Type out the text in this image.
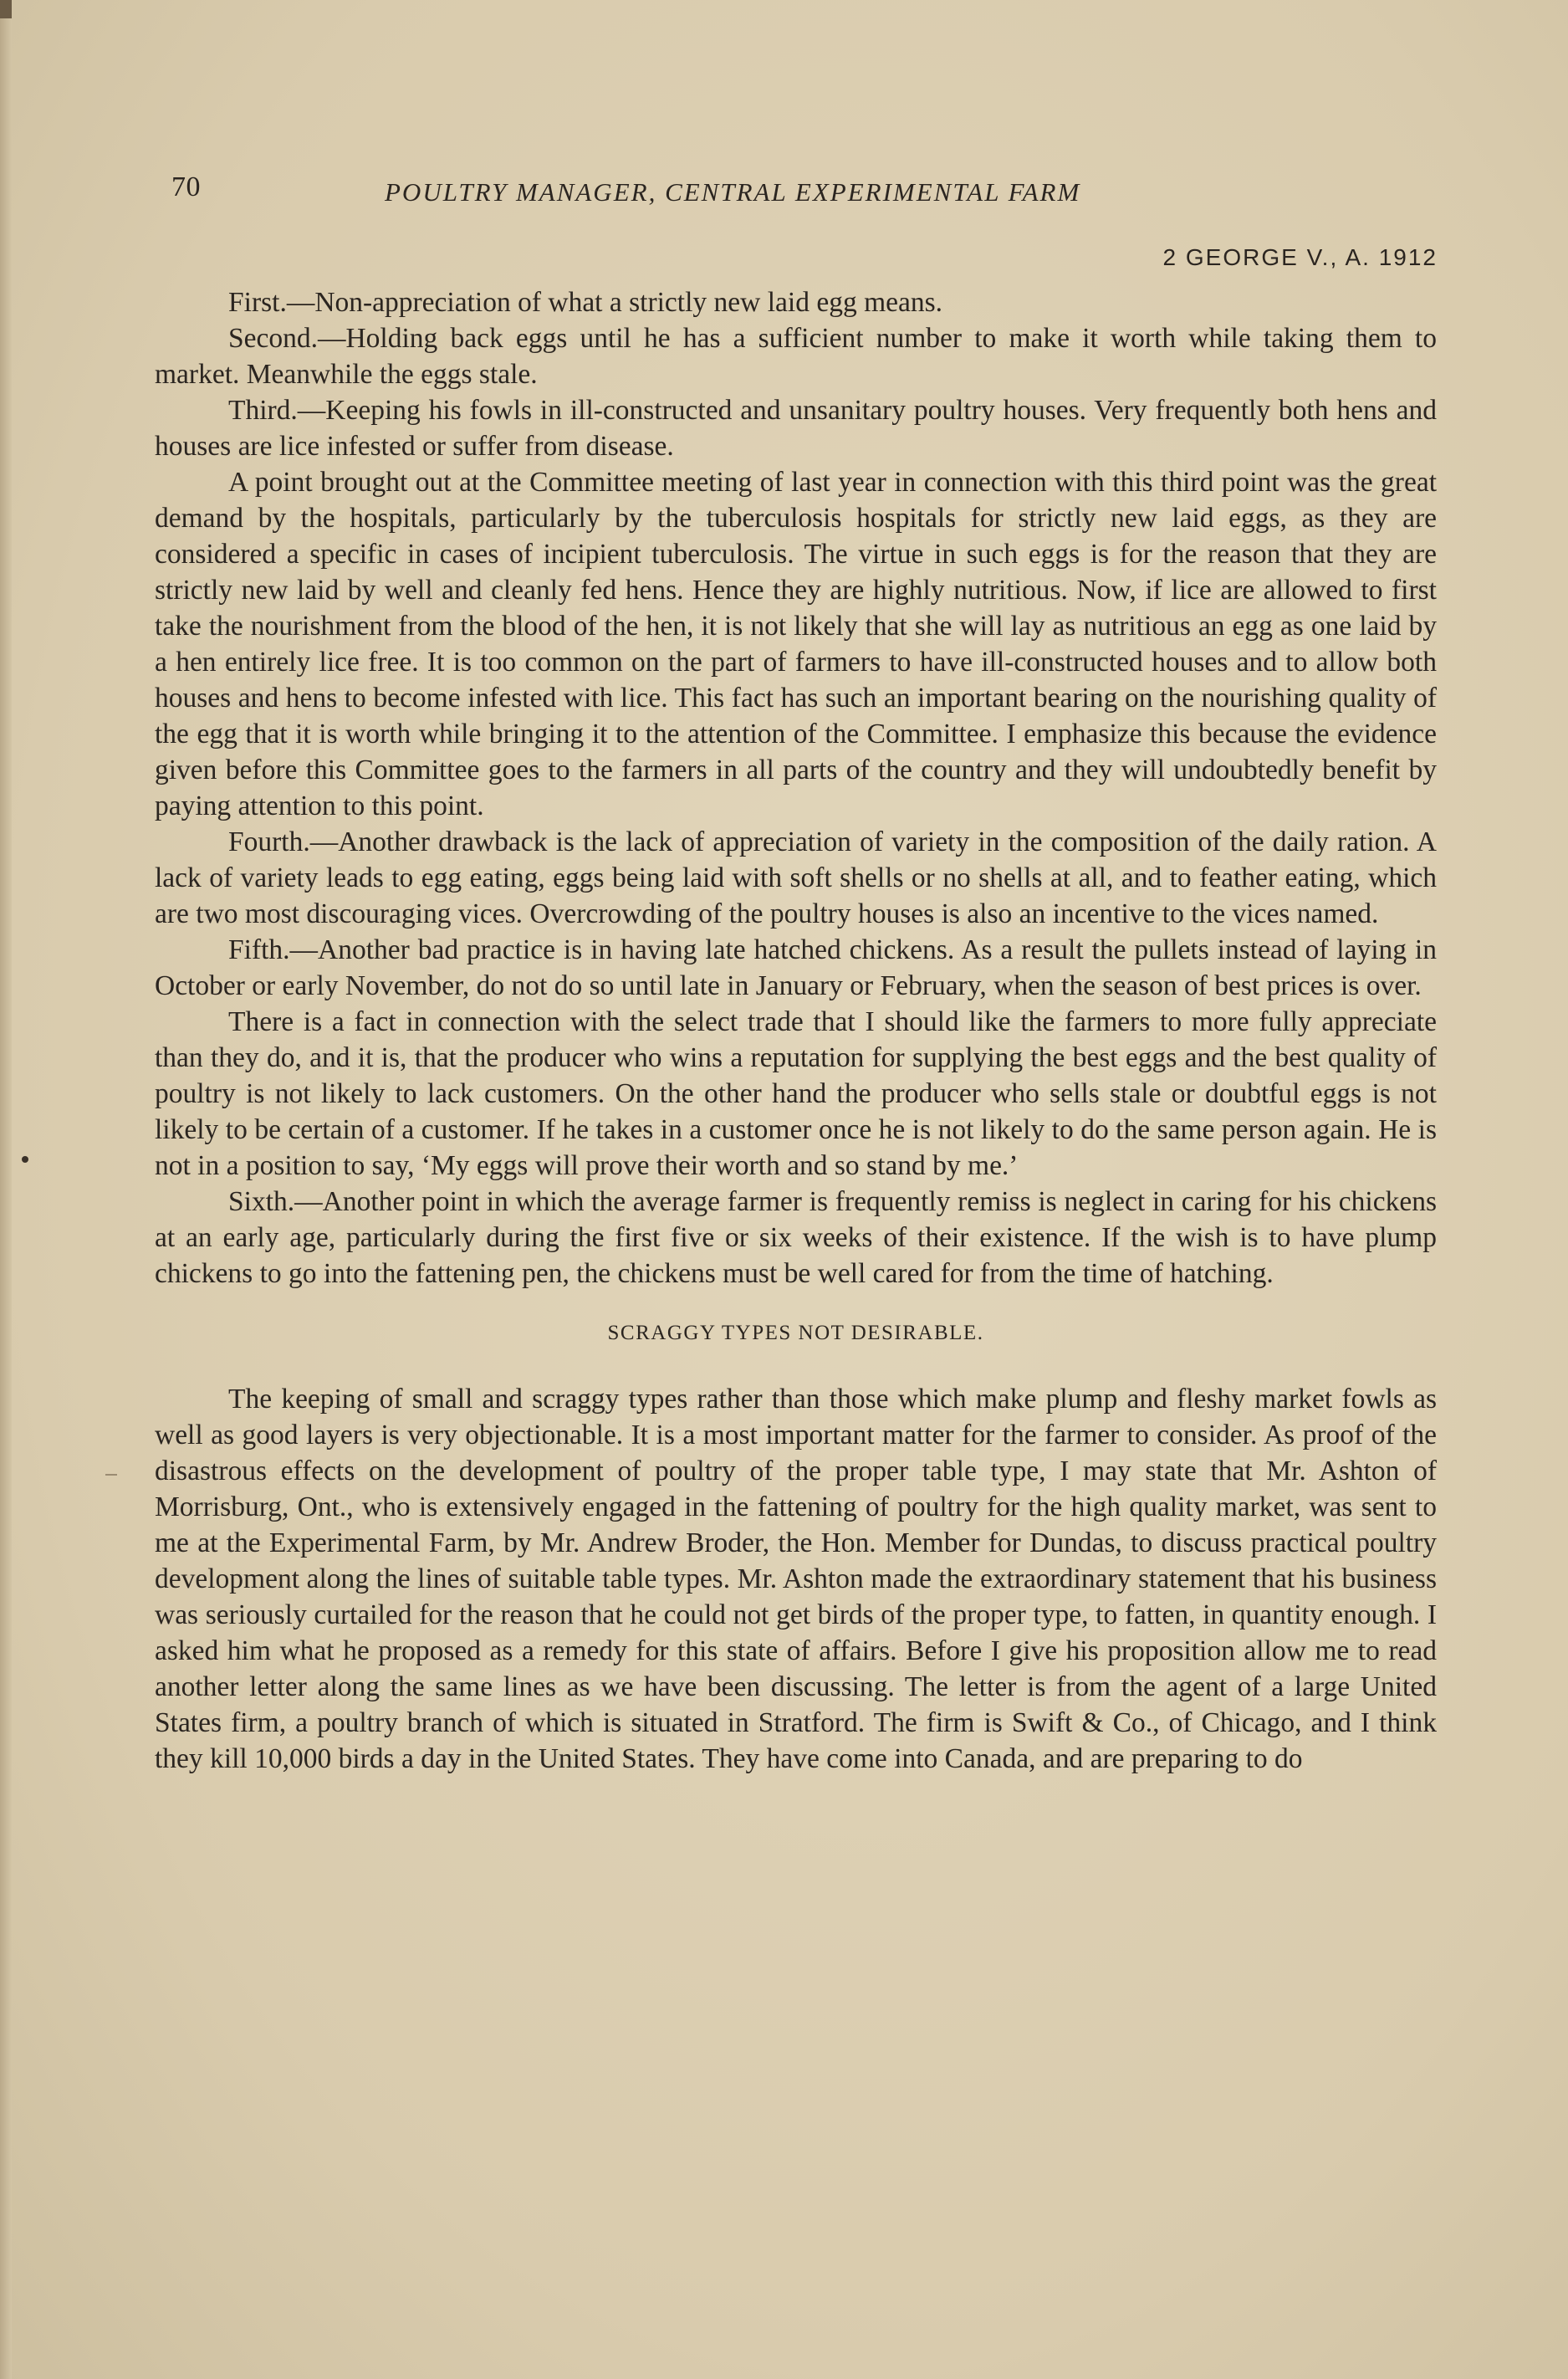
70	POULTRY MANAGER, CENTRAL EXPERIMENTAL FARM
2 GEORGE V., A. 1912

First.—Non-appreciation of what a strictly new laid egg means.

Second.—Holding back eggs until he has a sufficient number to make it worth while taking them to market. Meanwhile the eggs stale.

Third.—Keeping his fowls in ill-constructed and unsanitary poultry houses. Very frequently both hens and houses are lice infested or suffer from disease.

A point brought out at the Committee meeting of last year in connection with this third point was the great demand by the hospitals, particularly by the tuberculosis hospitals for strictly new laid eggs, as they are considered a specific in cases of incipient tuberculosis. The virtue in such eggs is for the reason that they are strictly new laid by well and cleanly fed hens. Hence they are highly nutritious. Now, if lice are allowed to first take the nourishment from the blood of the hen, it is not likely that she will lay as nutritious an egg as one laid by a hen entirely lice free. It is too common on the part of farmers to have ill-constructed houses and to allow both houses and hens to become infested with lice. This fact has such an important bearing on the nourishing quality of the egg that it is worth while bringing it to the attention of the Committee. I emphasize this because the evidence given before this Committee goes to the farmers in all parts of the country and they will undoubtedly benefit by paying attention to this point.

Fourth.—Another drawback is the lack of appreciation of variety in the composition of the daily ration. A lack of variety leads to egg eating, eggs being laid with soft shells or no shells at all, and to feather eating, which are two most discouraging vices. Overcrowding of the poultry houses is also an incentive to the vices named.

Fifth.—Another bad practice is in having late hatched chickens. As a result the pullets instead of laying in October or early November, do not do so until late in January or February, when the season of best prices is over.

There is a fact in connection with the select trade that I should like the farmers to more fully appreciate than they do, and it is, that the producer who wins a reputation for supplying the best eggs and the best quality of poultry is not likely to lack customers. On the other hand the producer who sells stale or doubtful eggs is not likely to be certain of a customer. If he takes in a customer once he is not likely to do the same person again. He is not in a position to say, ‘My eggs will prove their worth and so stand by me.’

Sixth.—Another point in which the average farmer is frequently remiss is neglect in caring for his chickens at an early age, particularly during the first five or six weeks of their existence. If the wish is to have plump chickens to go into the fattening pen, the chickens must be well cared for from the time of hatching.

SCRAGGY TYPES NOT DESIRABLE.

The keeping of small and scraggy types rather than those which make plump and fleshy market fowls as well as good layers is very objectionable. It is a most important matter for the farmer to consider. As proof of the disastrous effects on the development of poultry of the proper table type, I may state that Mr. Ashton of Morrisburg, Ont., who is extensively engaged in the fattening of poultry for the high quality market, was sent to me at the Experimental Farm, by Mr. Andrew Broder, the Hon. Member for Dundas, to discuss practical poultry development along the lines of suitable table types. Mr. Ashton made the extraordinary statement that his business was seriously curtailed for the reason that he could not get birds of the proper type, to fatten, in quantity enough. I asked him what he proposed as a remedy for this state of affairs. Before I give his proposition allow me to read another letter along the same lines as we have been discussing. The letter is from the agent of a large United States firm, a poultry branch of which is situated in Stratford. The firm is Swift & Co., of Chicago, and I think they kill 10,000 birds a day in the United States. They have come into Canada, and are preparing to do
